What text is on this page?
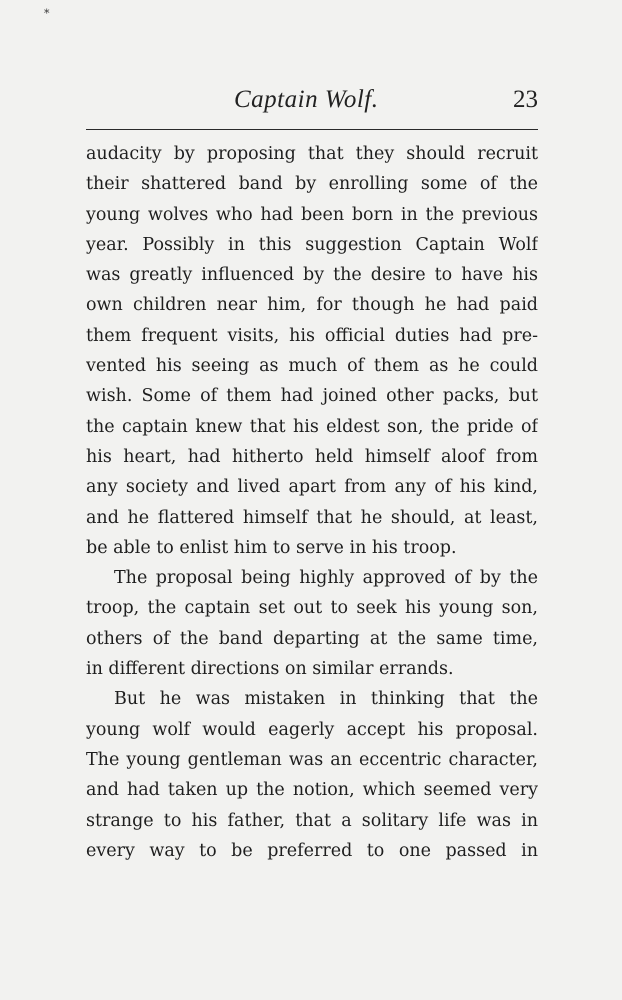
*
Captain Wolf.	23
audacity by proposing that they should recruit
their shattered band by enrolling some of the
young wolves who had been born in the previous
year. Possibly in this suggestion Captain Wolf
was greatly influenced by the desire to have his
own children near him, for though he had paid
them frequent visits, his official duties had pre-
vented his seeing as much of them as he could
wish. Some of them had joined other packs, but
the captain knew that his eldest son, the pride of
his heart, had hitherto held himself aloof from
any society and lived apart from any of his kind,
and he flattered himself that he should, at least,
be able to enlist him to serve in his troop.
The proposal being highly approved of by the
troop, the captain set out to seek his young son,
others of the band departing at the same time,
in different directions on similar errands.
But he was mistaken in thinking that the
young wolf would eagerly accept his proposal.
The young gentleman was an eccentric character,
and had taken up the notion, which seemed very
strange to his father, that a solitary life was in
every way to be preferred to one passed in
